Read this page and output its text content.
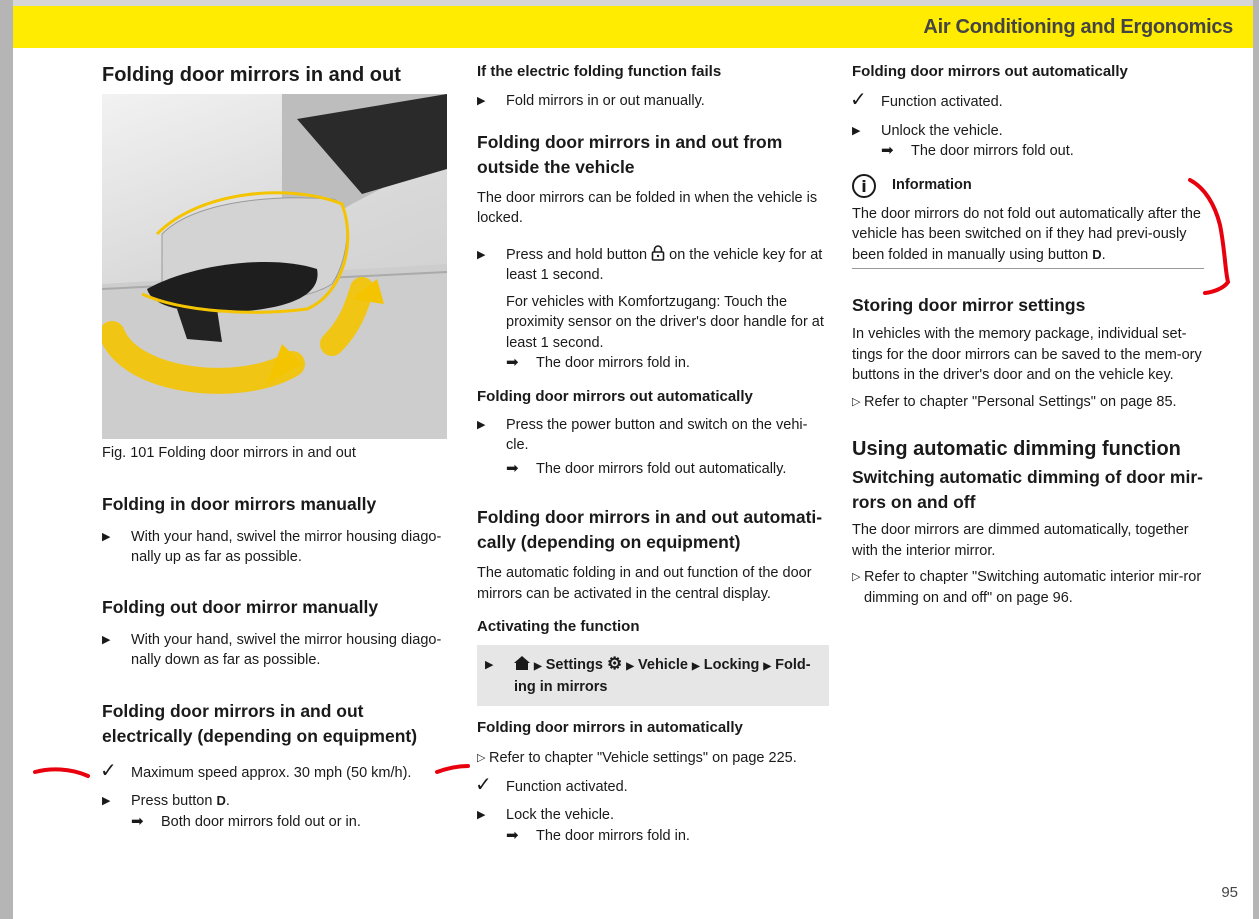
Air Conditioning and Ergonomics
Folding door mirrors in and out

Fig. 101 Folding door mirrors in and out

Folding in door mirrors manually
▶	With your hand, swivel the mirror housing diago-nally up as far as possible.
Folding out door mirror manually
▶	With your hand, swivel the mirror housing diago-nally down as far as possible.
Folding door mirrors in and out electrically (depending on equipment)
✓ Maximum speed approx. 30 mph (50 km/h).
▶	Press button D.
➡ Both door mirrors fold out or in.
If the electric folding function fails
▶	Fold mirrors in or out manually.
Folding door mirrors in and out from outside the vehicle

The door mirrors can be folded in when the vehicle is locked.

▶	Press and hold button on the vehicle key for at least 1 second.

For vehicles with Komfortzugang: Touch the proximity sensor on the driver's door handle for at least 1 second.

➡ The door mirrors fold in.
Folding door mirrors out automatically
▶	Press the power button and switch on the vehi-cle.
➡ The door mirrors fold out automatically.
Folding door mirrors in and out automati-cally (depending on equipment)

The automatic folding in and out function of the door mirrors can be activated in the central display.

Activating the function
▶	▶ Settings ⚙ ▶ Vehicle ▶ Locking ▶ Fold-ing in mirrors
Folding door mirrors in automatically
▷ Refer to chapter "Vehicle settings" on page 225.
✓ Function activated.
▶	Lock the vehicle.
➡ The door mirrors fold in.
Folding door mirrors out automatically
✓ Function activated.
▶	Unlock the vehicle.
➡ The door mirrors fold out.
i	Information

The door mirrors do not fold out automatically after the vehicle has been switched on if they had previ-ously been folded in manually using button D.

Storing door mirror settings

In vehicles with the memory package, individual set-tings for the door mirrors can be saved to the mem-ory buttons in the driver's door and on the vehicle key.

▷ Refer to chapter "Personal Settings" on page 85.
Using automatic dimming function
Switching automatic dimming of door mir-rors on and off

The door mirrors are dimmed automatically, together with the interior mirror.

▷ Refer to chapter "Switching automatic interior mir-ror dimming on and off" on page 96.
95
